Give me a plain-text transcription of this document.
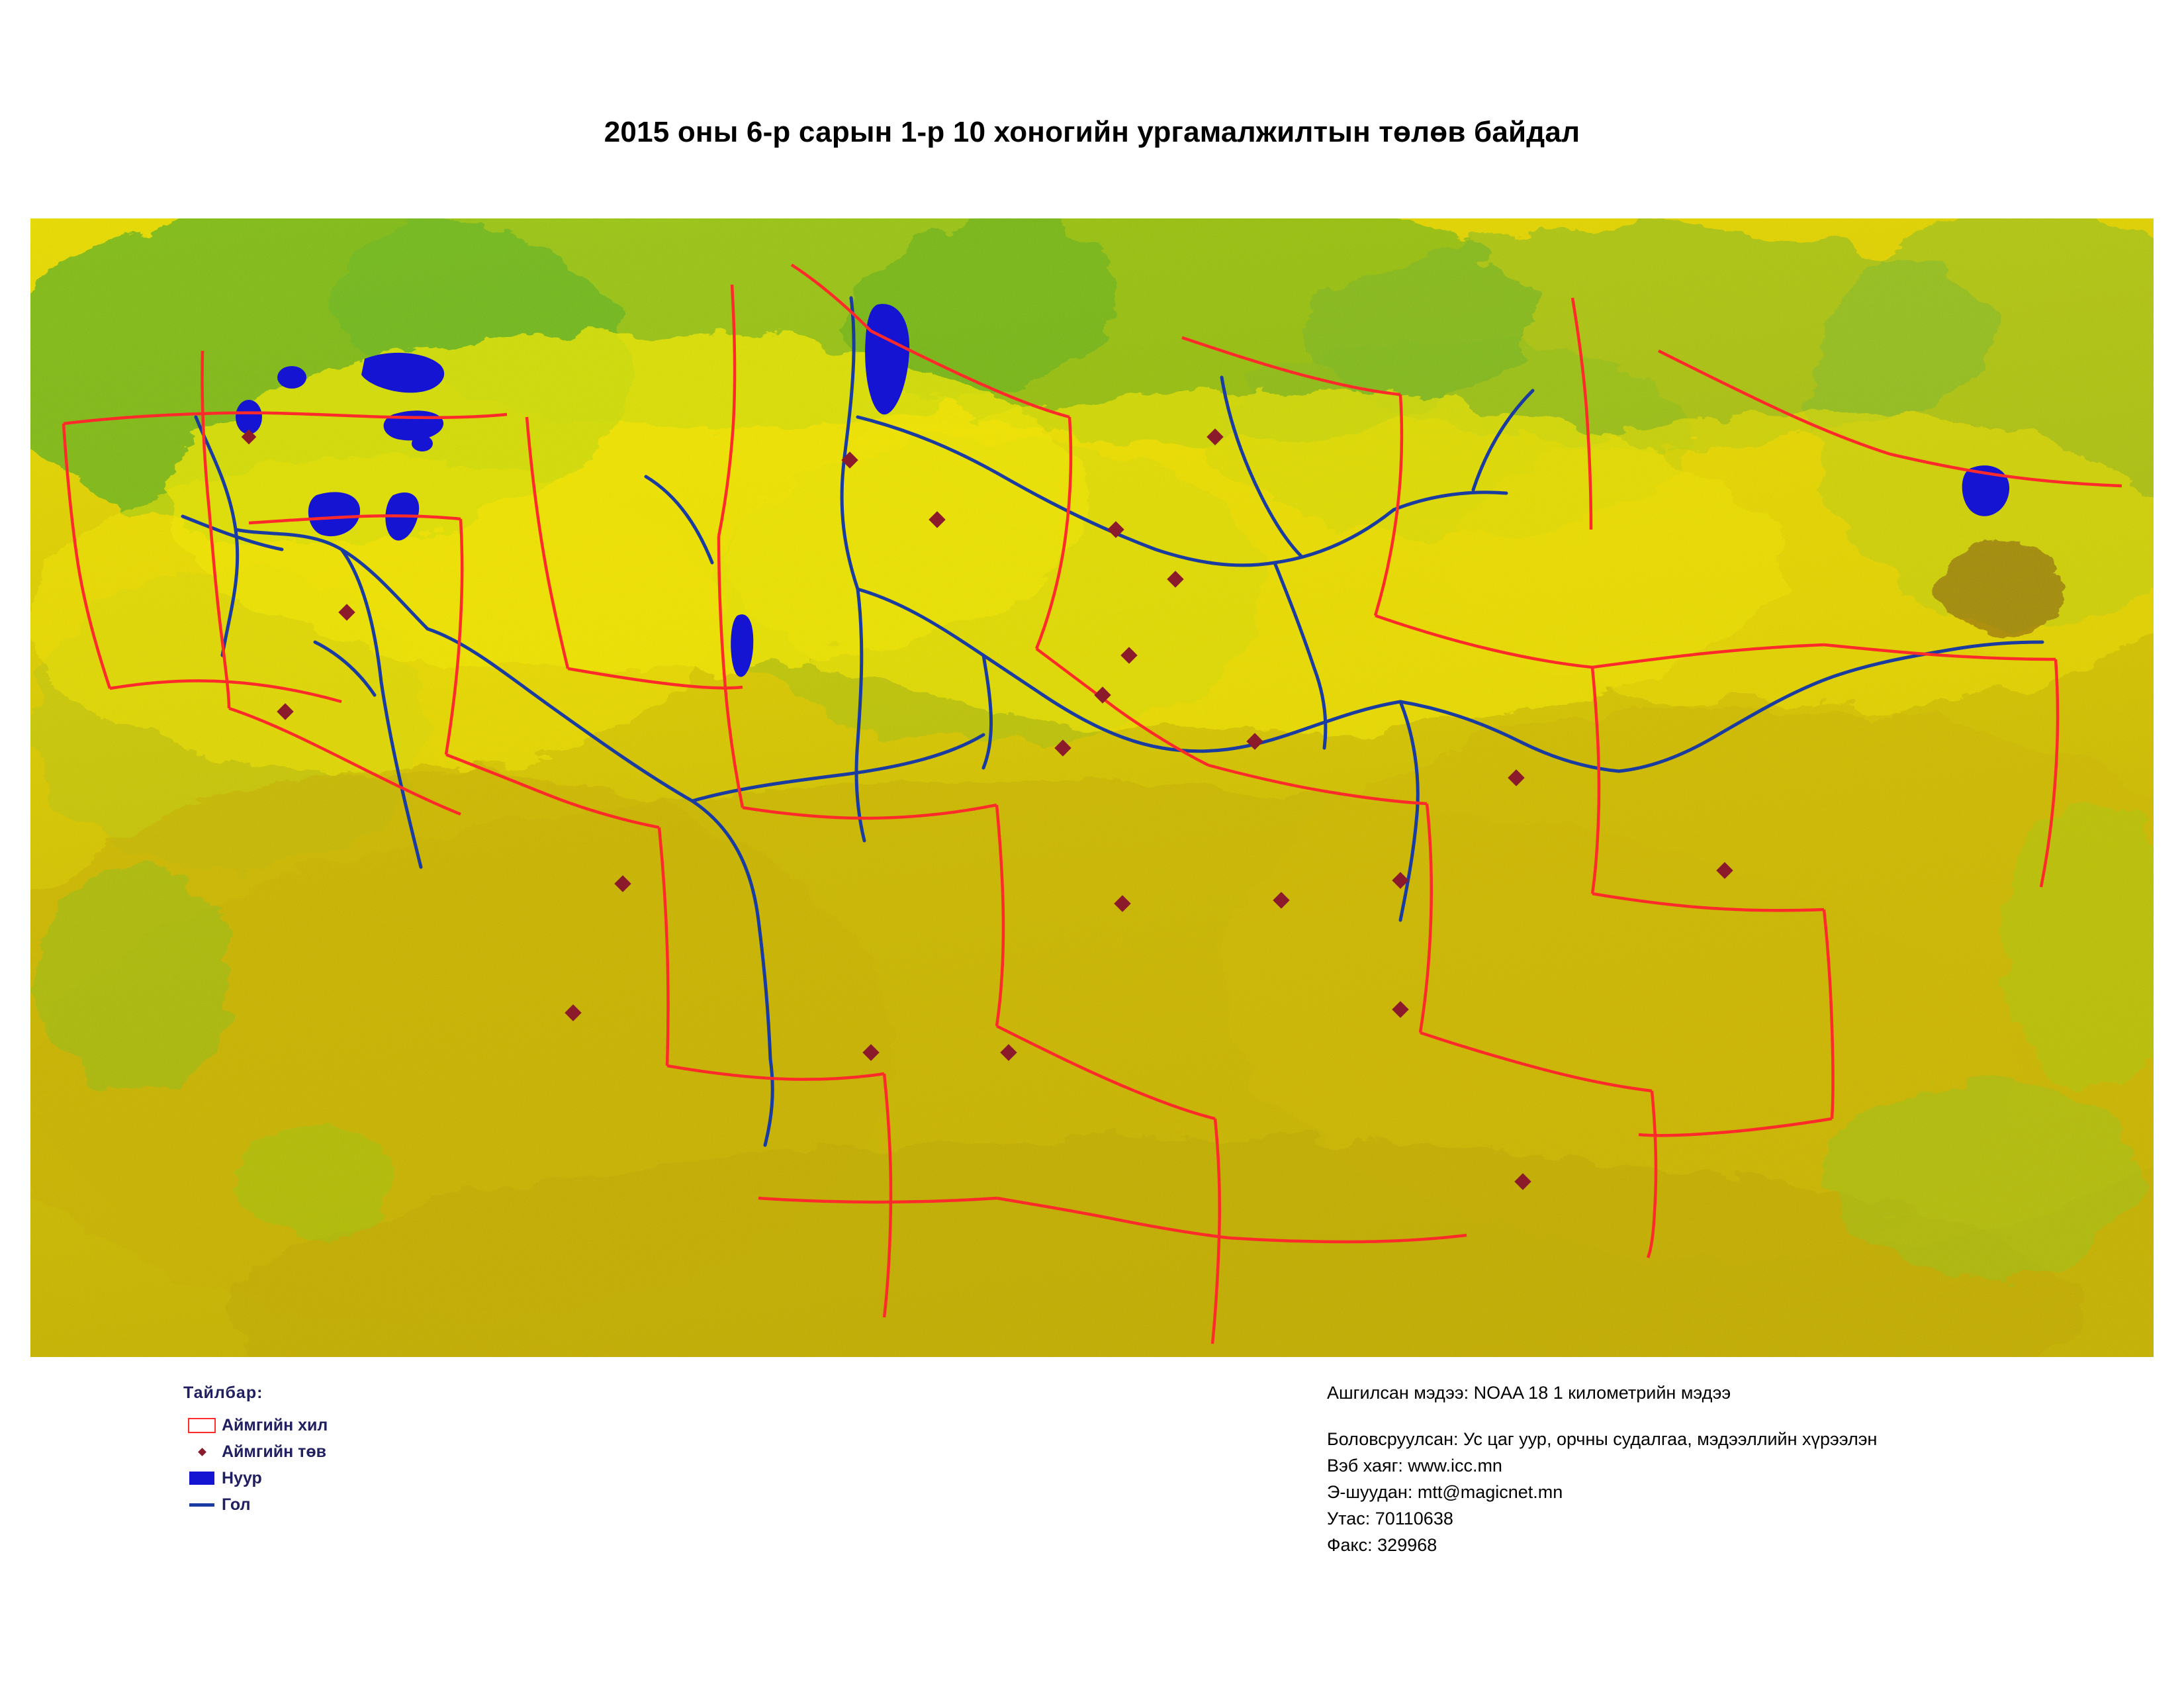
2015 оны 6-р сарын 1-р 10 хоногийн ургамалжилтын төлөв байдал
Тайлбар:
Аймгийн хил
Аймгийн төв
Нуур
Гол
Ашгилсан мэдээ: NOAA 18 1 километрийн мэдээ
Боловсруулсан: Ус цаг уур, орчны судалгаа, мэдээллийн хүрээлэн
Вэб хаяг: www.icc.mn
Э-шуудан: mtt@magicnet.mn
Утас: 70110638
Факс: 329968
